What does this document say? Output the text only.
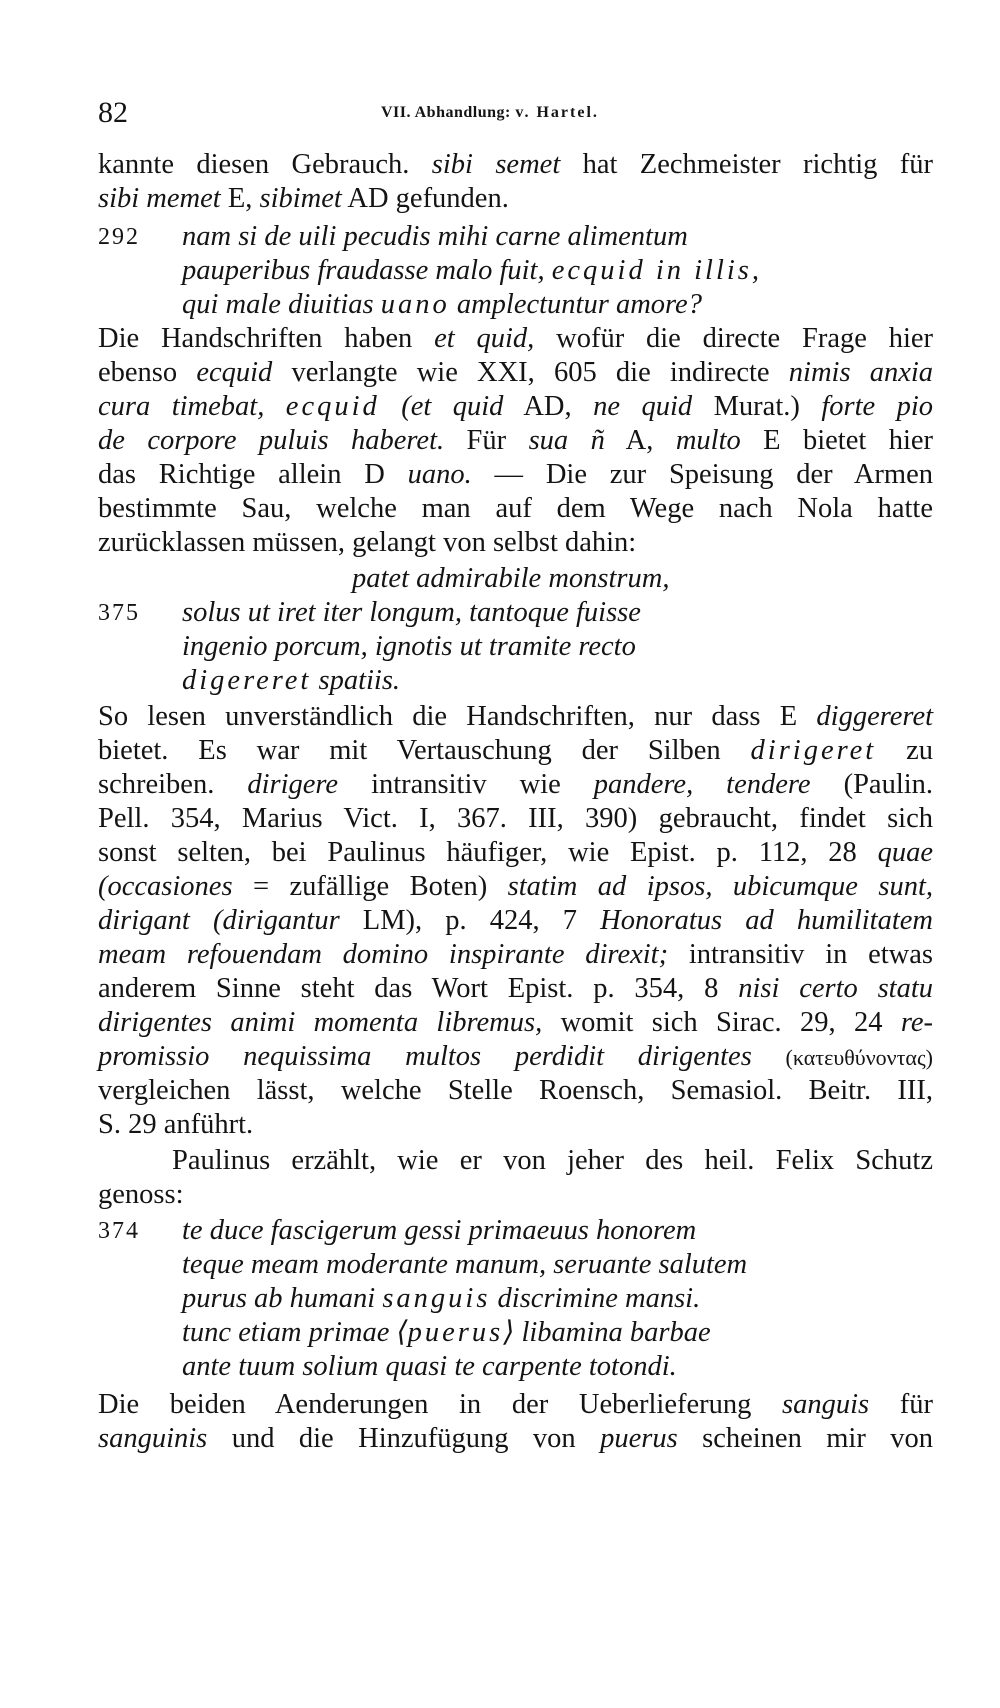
82	VII. Abhandlung: v. Hartel.
kannte diesen Gebrauch. sibi semet hat Zechmeister richtig für
sibi memet E, sibimet AD gefunden.
292 nam si de uili pecudis mihi carne alimentum
pauperibus fraudasse malo fuit, ecquid in illis,
qui male diuitias uano amplectuntur amore?
Die Handschriften haben et quid, wofür die directe Frage hier
ebenso ecquid verlangte wie XXI, 605 die indirecte nimis anxia
cura timebat, ecquid (et quid AD, ne quid Murat.) forte pio
de corpore puluis haberet. Für sua ñ A, multo E bietet hier
das Richtige allein D uano. — Die zur Speisung der Armen
bestimmte Sau, welche man auf dem Wege nach Nola hatte
zurücklassen müssen, gelangt von selbst dahin:
patet admirabile monstrum,
375 solus ut iret iter longum, tantoque fuisse
ingenio porcum, ignotis ut tramite recto
digereret spatiis.
So lesen unverständlich die Handschriften, nur dass E diggereret
bietet. Es war mit Vertauschung der Silben dirigeret zu
schreiben. dirigere intransitiv wie pandere, tendere (Paulin.
Pell. 354, Marius Vict. I, 367. III, 390) gebraucht, findet sich
sonst selten, bei Paulinus häufiger, wie Epist. p. 112, 28 quae
(occasiones = zufällige Boten) statim ad ipsos, ubicumque sunt,
dirigant (dirigantur LM), p. 424, 7 Honoratus ad humilitatem
meam refouendam domino inspirante direxit; intransitiv in etwas
anderem Sinne steht das Wort Epist. p. 354, 8 nisi certo statu
dirigentes animi momenta libremus, womit sich Sirac. 29, 24 re-
promissio nequissima multos perdidit dirigentes (κατευθύνοντας)
vergleichen lässt, welche Stelle Roensch, Semasiol. Beitr. III,
S. 29 anführt.
Paulinus erzählt, wie er von jeher des heil. Felix Schutz
genoss:
374 te duce fascigerum gessi primaeuus honorem
teque meam moderante manum, seruante salutem
purus ab humani sanguis discrimine mansi.
tunc etiam primae ⟨puerus⟩ libamina barbae
ante tuum solium quasi te carpente totondi.
Die beiden Aenderungen in der Ueberlieferung sanguis für
sanguinis und die Hinzufügung von puerus scheinen mir von
